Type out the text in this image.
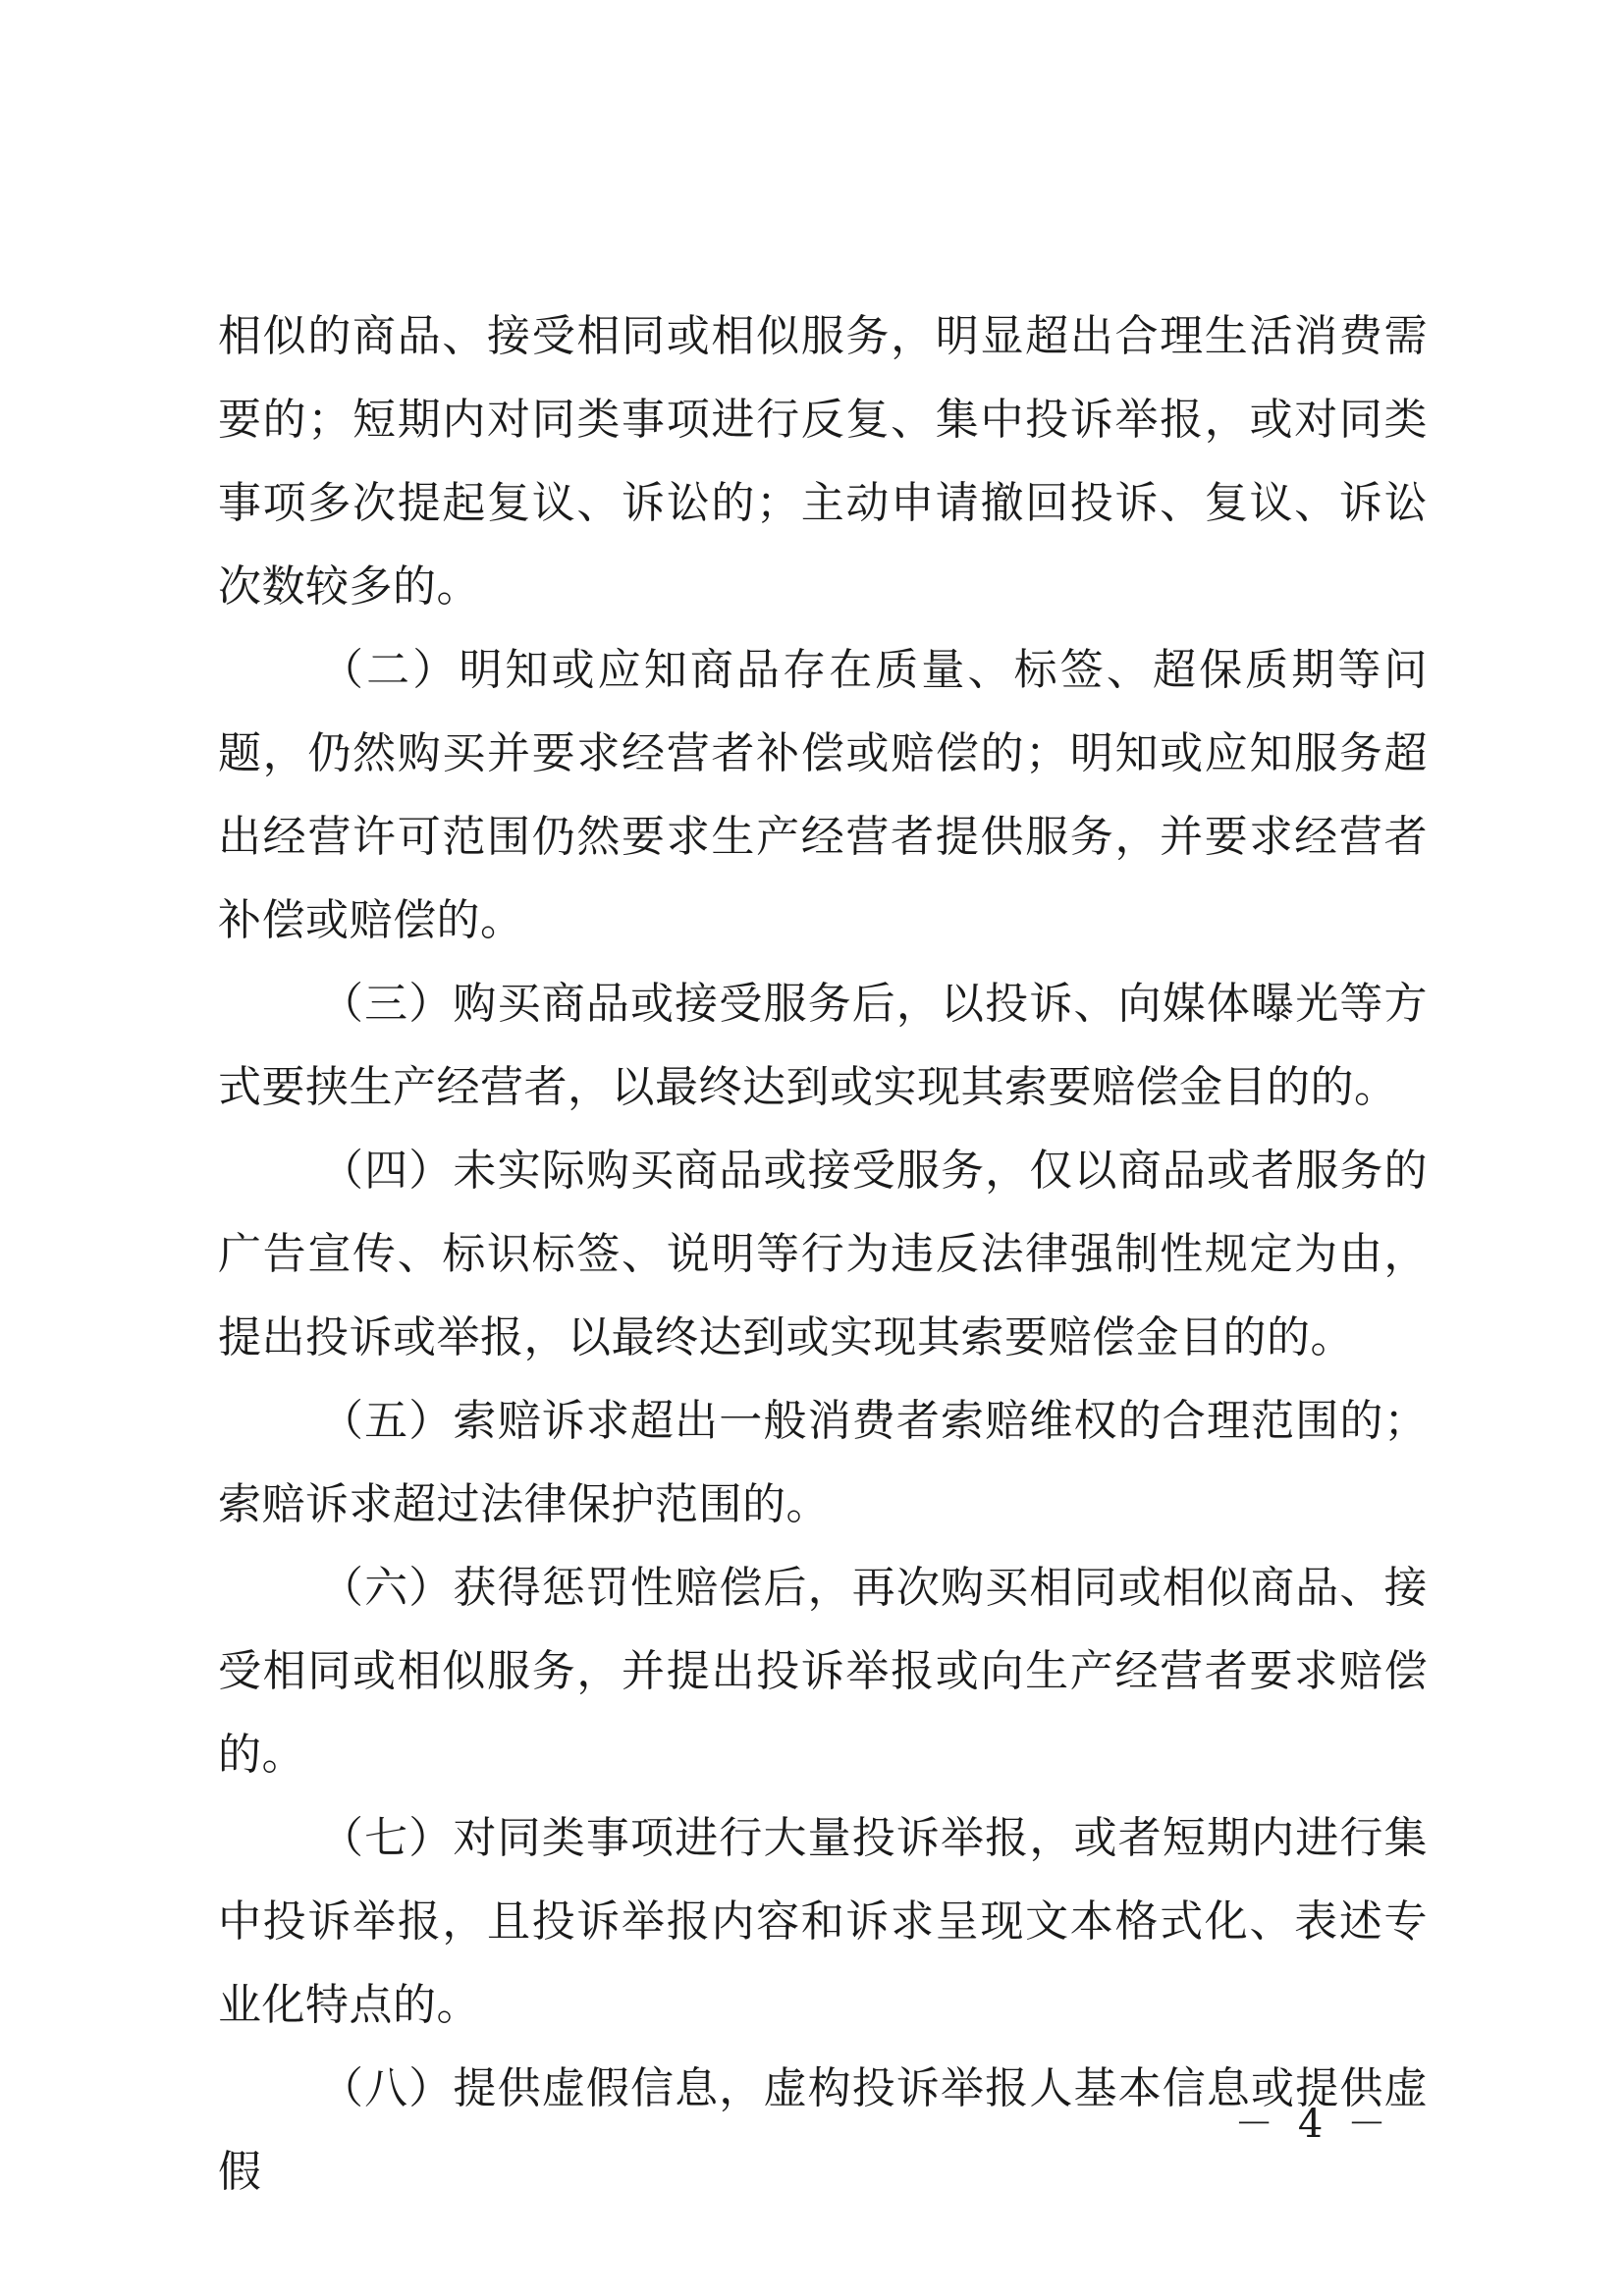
相似的商品、接受相同或相似服务，明显超出合理生活消费需要的；短期内对同类事项进行反复、集中投诉举报，或对同类事项多次提起复议、诉讼的；主动申请撤回投诉、复议、诉讼次数较多的。

（二）明知或应知商品存在质量、标签、超保质期等问题，仍然购买并要求经营者补偿或赔偿的；明知或应知服务超出经营许可范围仍然要求生产经营者提供服务，并要求经营者补偿或赔偿的。

（三）购买商品或接受服务后，以投诉、向媒体曝光等方式要挟生产经营者，以最终达到或实现其索要赔偿金目的的。

（四）未实际购买商品或接受服务，仅以商品或者服务的广告宣传、标识标签、说明等行为违反法律强制性规定为由，提出投诉或举报，以最终达到或实现其索要赔偿金目的的。

（五）索赔诉求超出一般消费者索赔维权的合理范围的；索赔诉求超过法律保护范围的。

（六）获得惩罚性赔偿后，再次购买相同或相似商品、接受相同或相似服务，并提出投诉举报或向生产经营者要求赔偿的。

（七）对同类事项进行大量投诉举报，或者短期内进行集中投诉举报，且投诉举报内容和诉求呈现文本格式化、表述专业化特点的。

（八）提供虚假信息，虚构投诉举报人基本信息或提供虚假

－ 4 －
